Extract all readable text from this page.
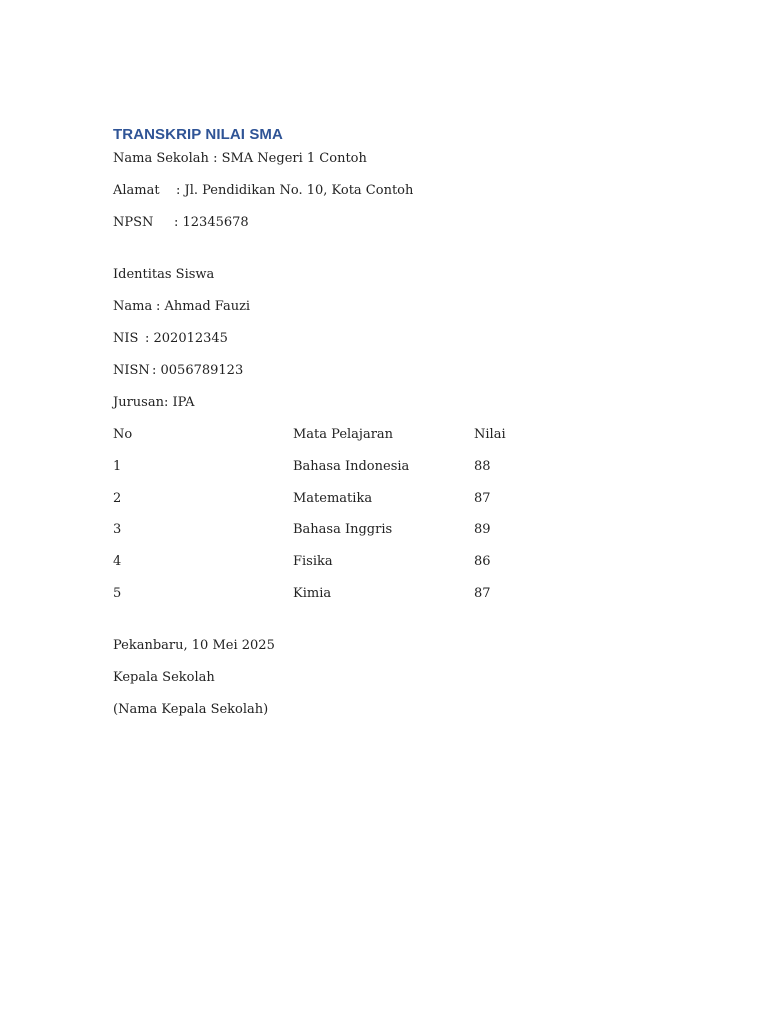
TRANSKRIP NILAI SMA
Nama Sekolah : SMA Negeri 1 Contoh
Alamat : Jl. Pendidikan No. 10, Kota Contoh
NPSN : 12345678
Identitas Siswa
Nama : Ahmad Fauzi
NIS : 202012345
NISN : 0056789123
Jurusan: IPA
No	Mata Pelajaran	Nilai
1	Bahasa Indonesia	88
2	Matematika	87
3	Bahasa Inggris	89
4	Fisika	86
5	Kimia	87
Pekanbaru, 10 Mei 2025
Kepala Sekolah
(Nama Kepala Sekolah)
